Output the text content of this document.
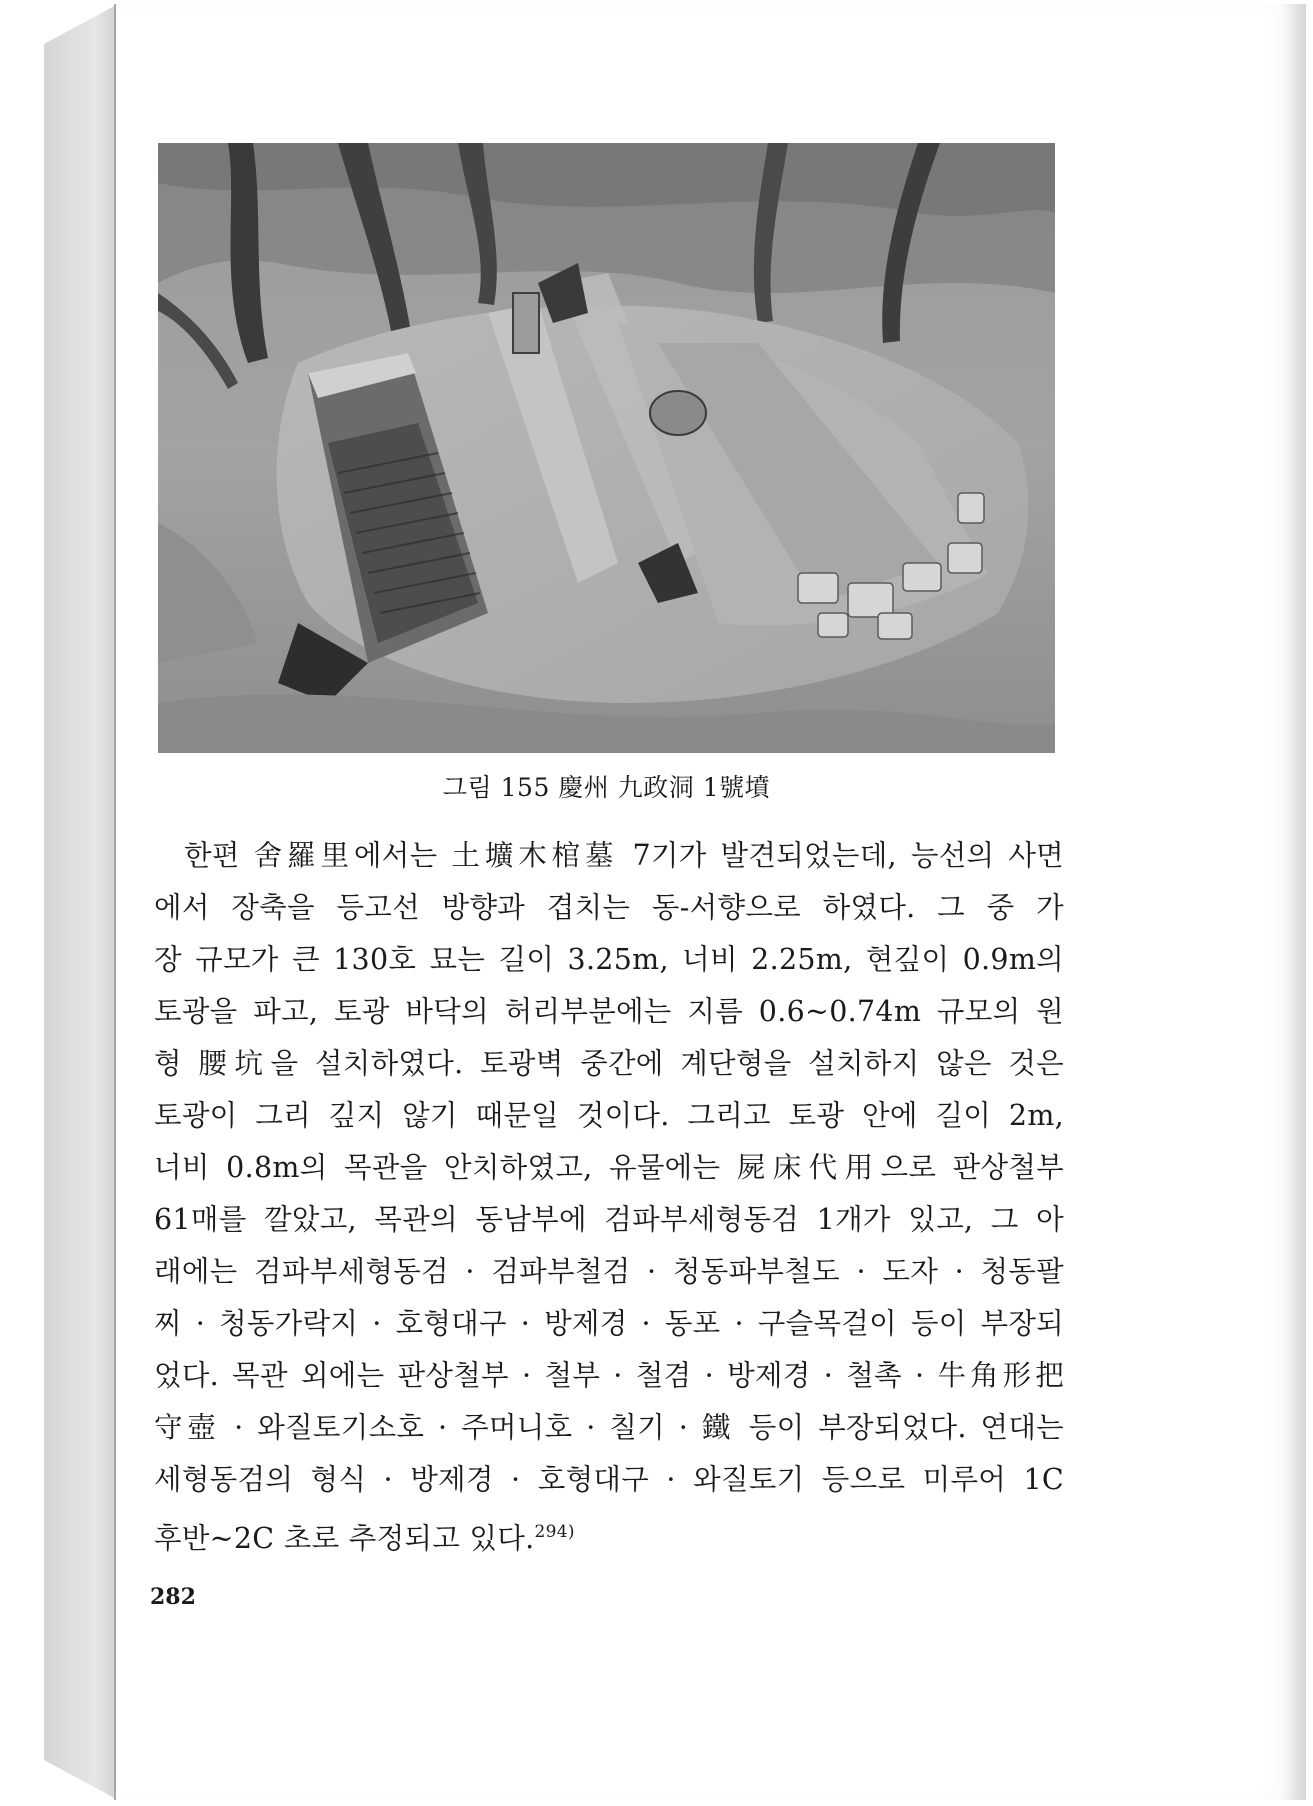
그림 155 慶州 九政洞 1號墳
한편 舍羅里에서는 土壙木棺墓 7기가 발견되었는데, 능선의 사면
에서 장축을 등고선 방향과 겹치는 동-서향으로 하였다. 그 중 가
장 규모가 큰 130호 묘는 길이 3.25m, 너비 2.25m, 현깊이 0.9m의
토광을 파고, 토광 바닥의 허리부분에는 지름 0.6~0.74m 규모의 원
형 腰坑을 설치하였다. 토광벽 중간에 계단형을 설치하지 않은 것은
토광이 그리 깊지 않기 때문일 것이다. 그리고 토광 안에 길이 2m,
너비 0.8m의 목관을 안치하였고, 유물에는 屍床代用으로 판상철부
61매를 깔았고, 목관의 동남부에 검파부세형동검 1개가 있고, 그 아
래에는 검파부세형동검 · 검파부철검 · 청동파부철도 · 도자 · 청동팔
찌 · 청동가락지 · 호형대구 · 방제경 · 동포 · 구슬목걸이 등이 부장되
었다. 목관 외에는 판상철부 · 철부 · 철겸 · 방제경 · 철촉 · 牛角形把
守壺 · 와질토기소호 · 주머니호 · 칠기 · 鐵 등이 부장되었다. 연대는
세형동검의 형식 · 방제경 · 호형대구 · 와질토기 등으로 미루어 1C
후반~2C 초로 추정되고 있다.$^{294)}$
282
